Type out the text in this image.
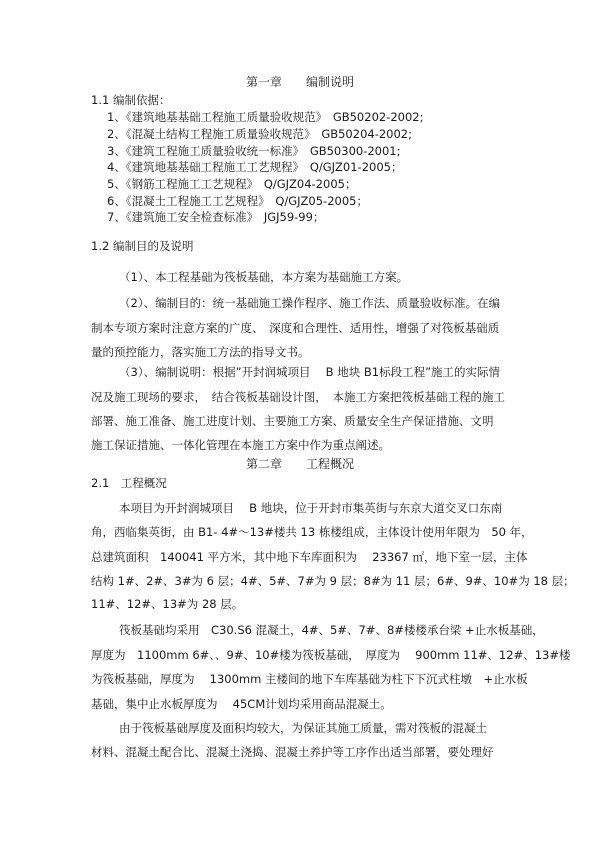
第一章　　编制说明
1.1 编制依据：
1、《建筑地基基础工程施工质量验收规范》　GB50202-2002;
2、《混凝土结构工程施工质量验收规范》　GB50204-2002;
3、《建筑工程施工质量验收统一标准》　GB50300-2001;
4、《建筑地基基础工程施工工艺规程》　Q/GJZ01-2005；
5、《钢筋工程施工工艺规程》　Q/GJZ04-2005；
6、《混凝土工程施工工艺规程》　Q/GJZ05-2005；
7、《建筑施工安全检查标准》　JGJ59-99；
1.2 编制目的及说明
（1）、本工程基础为筏板基础，本方案为基础施工方案。
（2）、编制目的：统一基础施工操作程序、施工作法、质量验收标准。在编
制本专项方案时注意方案的广度、　深度和合理性、适用性，增强了对筏板基础质
量的预控能力，落实施工方法的指导文书。
（3）、编制说明：根据”开封润城项目　 B 地块 B1标段工程”施工的实际情
况及施工现场的要求，　结合筏板基础设计图，　本施工方案把筏板基础工程的施工
部署、施工准备、施工进度计划、主要施工方案、质量安全生产保证措施、文明
施工保证措施、一体化管理在本施工方案中作为重点阐述。
第二章　　工程概况
2.1　工程概况
本项目为开封润城项目　 B 地块，位于开封市集英街与东京大道交叉口东南
角，西临集英街，由 B1- 4#～13#楼共 13 栋楼组成，主体设计使用年限为　50 年，
总建筑面积　140041 平方米，其中地下车库面积为　 23367 ㎡，地下室一层，主体
结构 1#、2#、3#为 6 层；4#、5#、7#为 9 层；8#为 11 层；6#、9#、10#为 18 层；
11#、12#、13#为 28 层。
筏板基础均采用　C30.S6 混凝土，4#、5#、7#、8#楼楼承台梁 +止水板基础，
厚度为　1100mm 6#、、9#、10#楼为筏板基础，　厚度为　 900mm 11#、12#、13#楼
为筏板基础，厚度为　 1300mm 主楼间的地下车库基础为柱下下沉式柱墩　+止水板
基础，集中止水板厚度为　 45CM计划均采用商品混凝土。
由于筏板基础厚度及面积均较大，为保证其施工质量，需对筏板的混凝土
材料、混凝土配合比、混凝土浇捣、混凝土养护等工序作出适当部署，要处理好
